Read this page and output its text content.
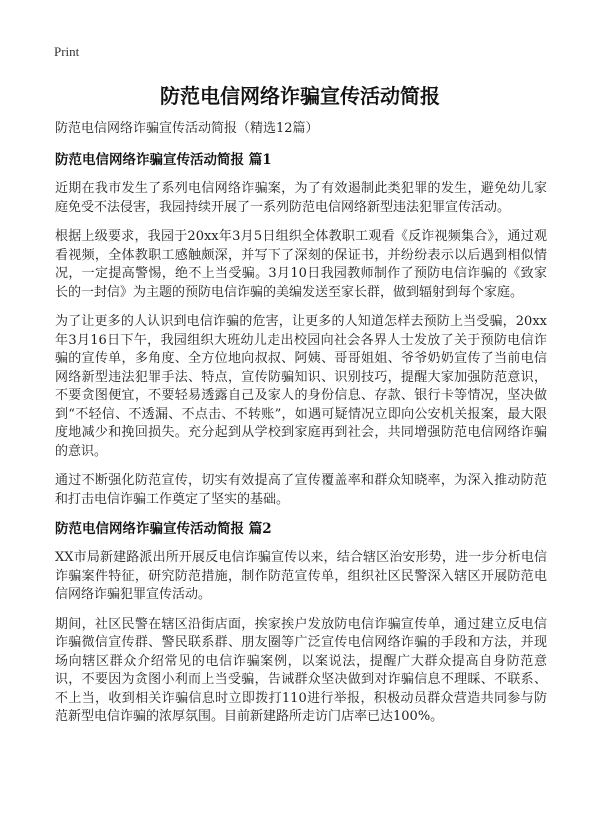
Print
防范电信网络诈骗宣传活动简报

防范电信网络诈骗宣传活动简报（精选12篇）

防范电信网络诈骗宣传活动简报 篇1

近期在我市发生了系列电信网络诈骗案，为了有效遏制此类犯罪的发生，避免幼儿家庭免受不法侵害，我园持续开展了一系列防范电信网络新型违法犯罪宣传活动。

根据上级要求，我园于20xx年3月5日组织全体教职工观看《反诈视频集合》，通过观看视频，全体教职工感触颇深，并写下了深刻的保证书，并纷纷表示以后遇到相似情况，一定提高警惕，绝不上当受骗。3月10日我园教师制作了预防电信诈骗的《致家长的一封信》为主题的预防电信诈骗的美编发送至家长群，做到辐射到每个家庭。

为了让更多的人认识到电信诈骗的危害，让更多的人知道怎样去预防上当受骗，20xx年3月16日下午，我园组织大班幼儿走出校园向社会各界人士发放了关于预防电信诈骗的宣传单，多角度、全方位地向叔叔、阿姨、哥哥姐姐、爷爷奶奶宣传了当前电信网络新型违法犯罪手法、特点，宣传防骗知识、识别技巧，提醒大家加强防范意识，不要贪图便宜，不要轻易透露自己及家人的身份信息、存款、银行卡等情况，坚决做到“不轻信、不透漏、不点击、不转账”，如遇可疑情况立即向公安机关报案，最大限度地减少和挽回损失。充分起到从学校到家庭再到社会，共同增强防范电信网络诈骗的意识。

通过不断强化防范宣传，切实有效提高了宣传覆盖率和群众知晓率，为深入推动防范和打击电信诈骗工作奠定了坚实的基础。

防范电信网络诈骗宣传活动简报 篇2

XX市局新建路派出所开展反电信诈骗宣传以来，结合辖区治安形势，进一步分析电信诈骗案件特征，研究防范措施，制作防范宣传单，组织社区民警深入辖区开展防范电信网络诈骗犯罪宣传活动。

期间，社区民警在辖区沿街店面，挨家挨户发放防电信诈骗宣传单，通过建立反电信诈骗微信宣传群、警民联系群、朋友圈等广泛宣传电信网络诈骗的手段和方法，并现场向辖区群众介绍常见的电信诈骗案例，以案说法，提醒广大群众提高自身防范意识，不要因为贪图小利而上当受骗，告诫群众坚决做到对诈骗信息不理睬、不联系、不上当，收到相关诈骗信息时立即拨打110进行举报，积极动员群众营造共同参与防范新型电信诈骗的浓厚氛围。目前新建路所走访门店率已达100%。
